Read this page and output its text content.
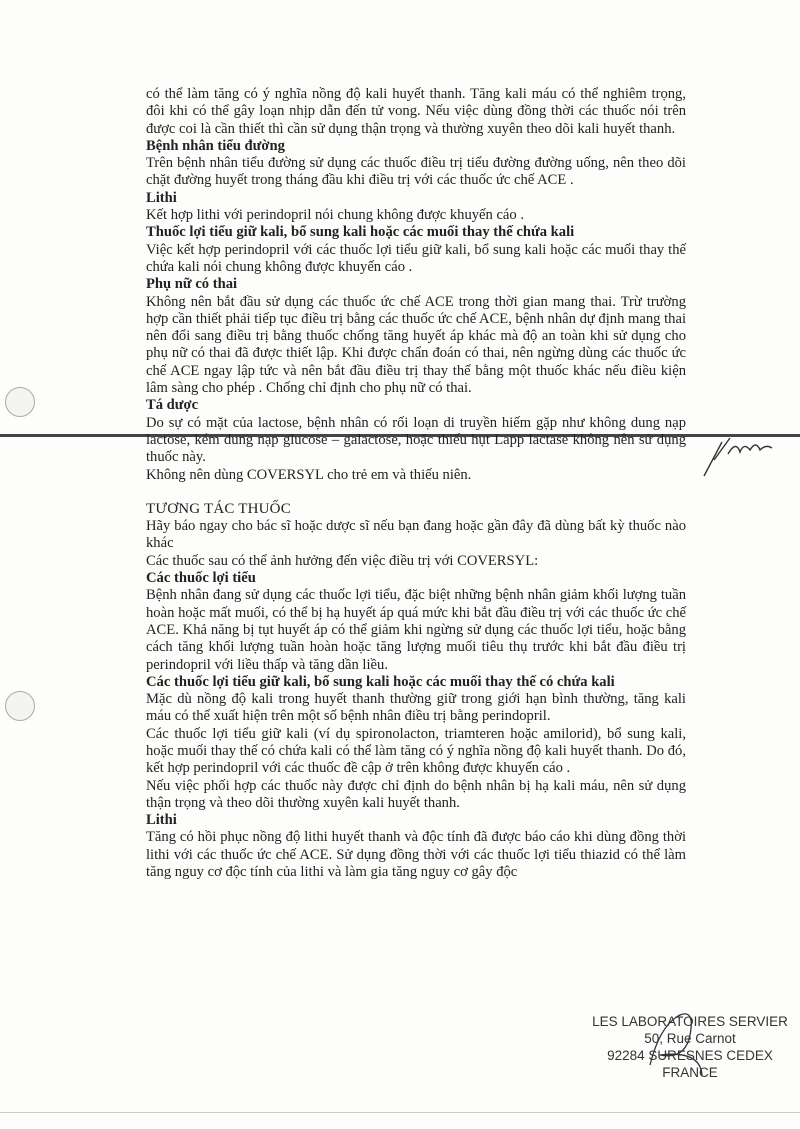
có thể làm tăng có ý nghĩa nồng độ kali huyết thanh. Tăng kali máu có thể nghiêm trọng, đôi khi có thể gây loạn nhịp dẫn đến tử vong. Nếu việc dùng đồng thời các thuốc nói trên được coi là cần thiết thì cần sử dụng thận trọng và thường xuyên theo dõi kali huyết thanh.

Bệnh nhân tiểu đường

Trên bệnh nhân tiểu đường sử dụng các thuốc điều trị tiểu đường đường uống, nên theo dõi chặt đường huyết trong tháng đầu khi điều trị với các thuốc ức chế ACE .

Lithi

Kết hợp lithi với perindopril nói chung không được khuyến cáo .

Thuốc lợi tiểu giữ kali, bổ sung kali hoặc các muối thay thế chứa kali

Việc kết hợp perindopril với các thuốc lợi tiểu giữ kali, bổ sung kali hoặc các muối thay thế chứa kali nói chung không được khuyến cáo .

Phụ nữ có thai

Không nên bắt đầu sử dụng các thuốc ức chế ACE trong thời gian mang thai. Trừ trường hợp cần thiết phải tiếp tục điều trị bằng các thuốc ức chế ACE, bệnh nhân dự định mang thai nên đổi sang điều trị bằng thuốc chống tăng huyết áp khác mà độ an toàn khi sử dụng cho phụ nữ có thai đã được thiết lập. Khi được chẩn đoán có thai, nên ngừng dùng các thuốc ức chế ACE ngay lập tức và nên bắt đầu điều trị thay thế bằng một thuốc khác nếu điều kiện lâm sàng cho phép . Chống chỉ định cho phụ nữ có thai.

Tá dược

Do sự có mặt của lactose, bệnh nhân có rối loạn di truyền hiếm gặp như không dung nạp lactose, kém dung nạp glucose – galactose, hoặc thiếu hụt Lapp lactase không nên sử dụng thuốc này.

Không nên dùng COVERSYL cho trẻ em và thiếu niên.

TƯƠNG TÁC THUỐC

Hãy báo ngay cho bác sĩ hoặc dược sĩ nếu bạn đang hoặc gần đây đã dùng bất kỳ thuốc nào khác

Các thuốc sau có thể ảnh hưởng đến việc điều trị với COVERSYL:

Các thuốc lợi tiểu

Bệnh nhân đang sử dụng các thuốc lợi tiểu, đặc biệt những bệnh nhân giảm khối lượng tuần hoàn hoặc mất muối, có thể bị hạ huyết áp quá mức khi bắt đầu điều trị với các thuốc ức chế ACE. Khả năng bị tụt huyết áp có thể giảm khi ngừng sử dụng các thuốc lợi tiểu, hoặc bằng cách tăng khối lượng tuần hoàn hoặc tăng lượng muối tiêu thụ trước khi bắt đầu điều trị perindopril với liều thấp và tăng dần liều.

Các thuốc lợi tiểu giữ kali, bổ sung kali hoặc các muối thay thế có chứa kali

Mặc dù nồng độ kali trong huyết thanh thường giữ trong giới hạn bình thường, tăng kali máu có thể xuất hiện trên một số bệnh nhân điều trị bằng perindopril.

Các thuốc lợi tiểu giữ kali (ví dụ spironolacton, triamteren hoặc amilorid), bổ sung kali, hoặc muối thay thế có chứa kali có thể làm tăng có ý nghĩa nồng độ kali huyết thanh. Do đó, kết hợp perindopril với các thuốc đề cập ở trên không được khuyến cáo .

Nếu việc phối hợp các thuốc này được chỉ định do bệnh nhân bị hạ kali máu, nên sử dụng thận trọng và theo dõi thường xuyên kali huyết thanh.

Lithi

Tăng có hồi phục nồng độ lithi huyết thanh và độc tính đã được báo cáo khi dùng đồng thời lithi với các thuốc ức chế ACE. Sử dụng đồng thời với các thuốc lợi tiểu thiazid có thể làm tăng nguy cơ độc tính của lithi và làm gia tăng nguy cơ gây độc

LES LABORATOIRES SERVIER
50, Rue Carnot
92284 SURESNES CEDEX
FRANCE
